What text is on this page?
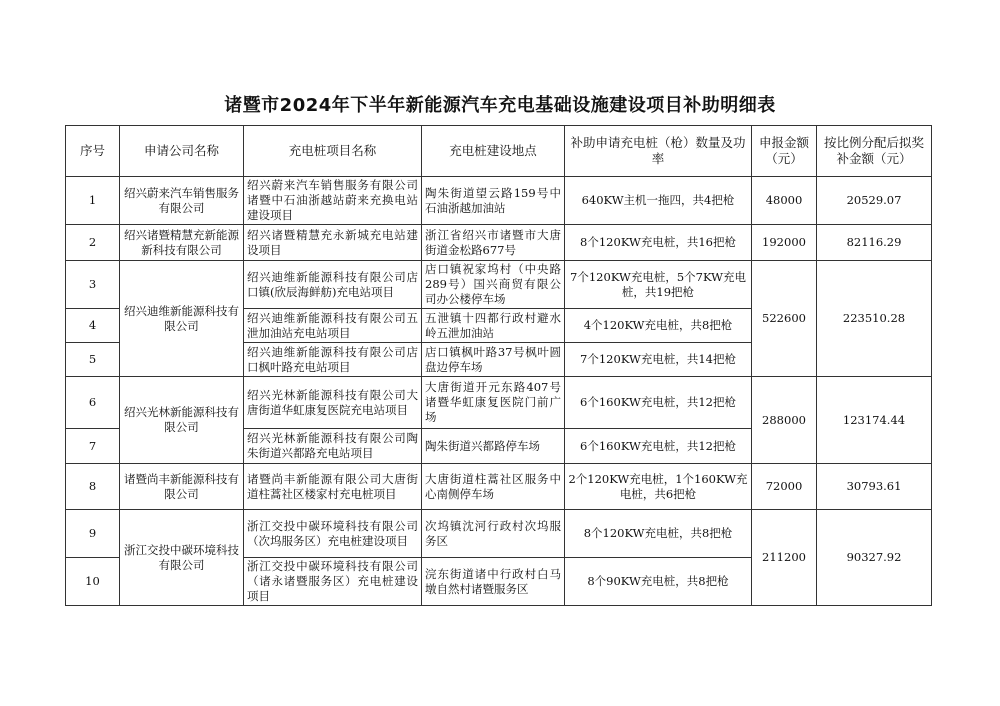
诸暨市2024年下半年新能源汽车充电基础设施建设项目补助明细表
序号	申请公司名称	充电桩项目名称	充电桩建设地点	补助申请充电桩（枪）数量及功率	申报金额（元）	按比例分配后拟奖补金额（元）
1	绍兴蔚来汽车销售服务有限公司	绍兴蔚来汽车销售服务有限公司诸暨中石油浙越站蔚来充换电站建设项目	陶朱街道望云路159号中石油浙越加油站	640KW主机一拖四，共4把枪	48000	20529.07
2	绍兴诸暨精慧充新能源新科技有限公司	绍兴诸暨精慧充永新城充电站建设项目	浙江省绍兴市诸暨市大唐街道金松路677号	8个120KW充电桩，共16把枪	192000	82116.29
3	绍兴迪维新能源科技有限公司	绍兴迪维新能源科技有限公司店口镇(欣辰海鲜舫)充电站项目	店口镇祝家坞村（中央路289号）国兴商贸有限公司办公楼停车场	7个120KW充电桩，5个7KW充电桩，共19把枪	522600	223510.28
4		绍兴迪维新能源科技有限公司五泄加油站充电站项目	五泄镇十四都行政村避水岭五泄加油站	4个120KW充电桩，共8把枪		
5		绍兴迪维新能源科技有限公司店口枫叶路充电站项目	店口镇枫叶路37号枫叶圆盘边停车场	7个120KW充电桩，共14把枪		
6	绍兴光林新能源科技有限公司	绍兴光林新能源科技有限公司大唐街道华虹康复医院充电站项目	大唐街道开元东路407号诸暨华虹康复医院门前广场	6个160KW充电桩，共12把枪	288000	123174.44
7		绍兴光林新能源科技有限公司陶朱街道兴都路充电站项目	陶朱街道兴都路停车场	6个160KW充电桩，共12把枪		
8	诸暨尚丰新能源科技有限公司	诸暨尚丰新能源有限公司大唐街道柱蒿社区楼家村充电桩项目	大唐街道柱蒿社区服务中心南侧停车场	2个120KW充电桩，1个160KW充电桩，共6把枪	72000	30793.61
9	浙江交投中碳环境科技有限公司	浙江交投中碳环境科技有限公司（次坞服务区）充电桩建设项目	次坞镇沈河行政村次坞服务区	8个120KW充电桩，共8把枪	211200	90327.92
10		浙江交投中碳环境科技有限公司（诸永诸暨服务区）充电桩建设项目	浣东街道诸中行政村白马墩自然村诸暨服务区	8个90KW充电桩，共8把枪		
